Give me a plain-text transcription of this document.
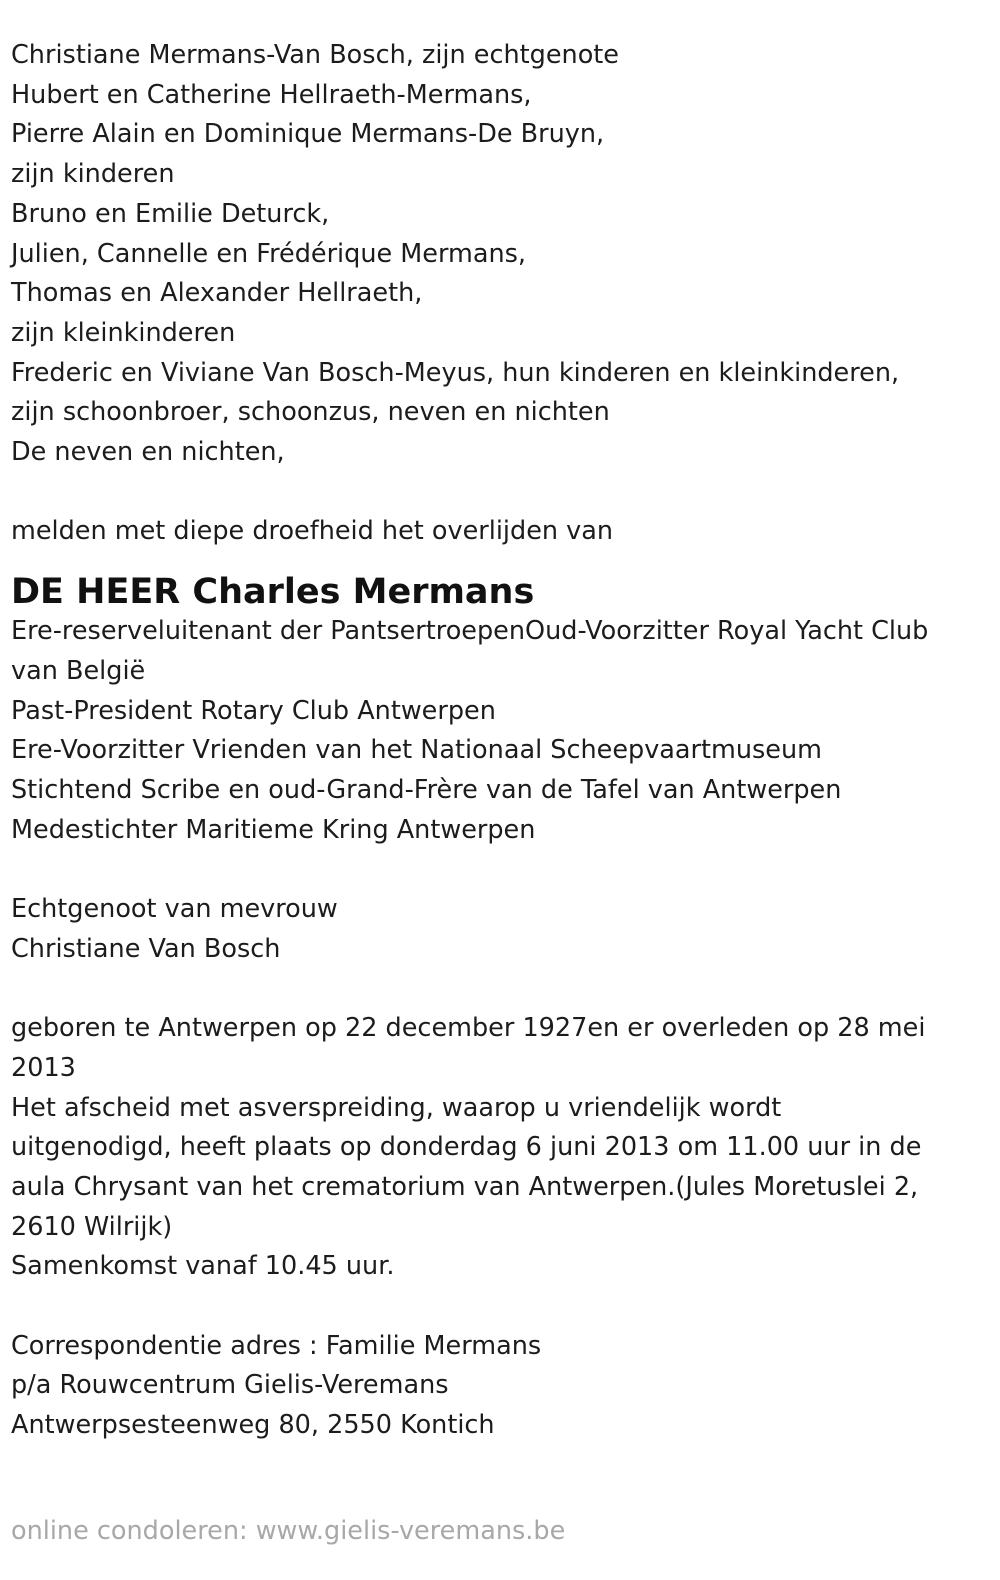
Christiane Mermans-Van Bosch, zijn echtgenote

Hubert en Catherine Hellraeth-Mermans,

Pierre Alain en Dominique Mermans-De Bruyn,

zijn kinderen

Bruno en Emilie Deturck,

Julien, Cannelle en Frédérique Mermans,

Thomas en Alexander Hellraeth,

zijn kleinkinderen

Frederic en Viviane Van Bosch-Meyus, hun kinderen en kleinkinderen,

zijn schoonbroer, schoonzus, neven en nichten

De neven en nichten,

melden met diepe droefheid het overlijden van

DE HEER Charles Mermans

Ere-reserveluitenant der PantsertroepenOud-Voorzitter Royal Yacht Club

van België

Past-President Rotary Club Antwerpen

Ere-Voorzitter Vrienden van het Nationaal Scheepvaartmuseum

Stichtend Scribe en oud-Grand-Frère van de Tafel van Antwerpen

Medestichter Maritieme Kring Antwerpen

Echtgenoot van mevrouw

Christiane Van Bosch

geboren te Antwerpen op 22 december 1927en er overleden op 28 mei

2013

Het afscheid met asverspreiding, waarop u vriendelijk wordt

uitgenodigd, heeft plaats op donderdag 6 juni 2013 om 11.00 uur in de

aula Chrysant van het crematorium van Antwerpen.(Jules Moretuslei 2,

2610 Wilrijk)

Samenkomst vanaf 10.45 uur.

Correspondentie adres : Familie Mermans

p/a Rouwcentrum Gielis-Veremans

Antwerpsesteenweg 80, 2550 Kontich

online condoleren: www.gielis-veremans.be
